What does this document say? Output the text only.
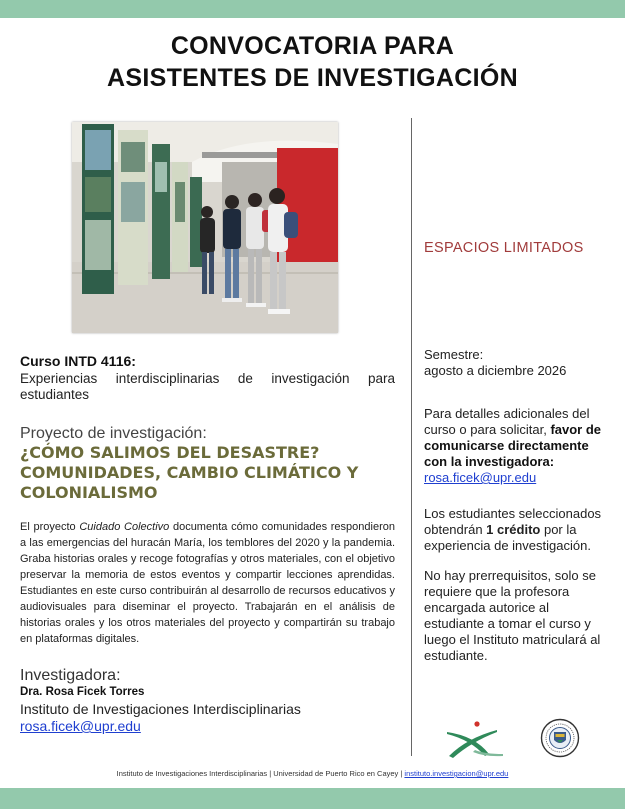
CONVOCATORIA PARA
ASISTENTES DE INVESTIGACIÓN
Curso INTD 4116:
Experiencias interdisciplinarias de investigación para estudiantes
Proyecto de investigación:
¿CÓMO SALIMOS DEL DESASTRE? COMUNIDADES, CAMBIO CLIMÁTICO Y COLONIALISMO
El proyecto Cuidado Colectivo documenta cómo comunidades respondieron a las emergencias del huracán María, los temblores del 2020 y la pandemia. Graba historias orales y recoge fotografías y otros materiales, con el objetivo preservar la memoria de estos eventos y compartir lecciones aprendidas. Estudiantes en este curso contribuirán al desarrollo de recursos educativos y audiovisuales para diseminar el proyecto. Trabajarán en el análisis de historias orales y los otros materiales del proyecto y compartirán su trabajo en plataformas digitales.
Investigadora:
Dra. Rosa Ficek Torres
Instituto de Investigaciones Interdisciplinarias
rosa.ficek@upr.edu
ESPACIOS LIMITADOS
Semestre:
agosto a diciembre 2026
Para detalles adicionales del curso o para solicitar, favor de comunicarse directamente con la investigadora:
rosa.ficek@upr.edu
Los estudiantes seleccionados obtendrán 1 crédito por la experiencia de investigación.
No hay prerrequisitos, solo se requiere que la profesora encargada autorice al estudiante a tomar el curso y luego el Instituto matriculará al estudiante.
Instituto de Investigaciones Interdisciplinarias | Universidad de Puerto Rico en Cayey | instituto.investigacion@upr.edu
